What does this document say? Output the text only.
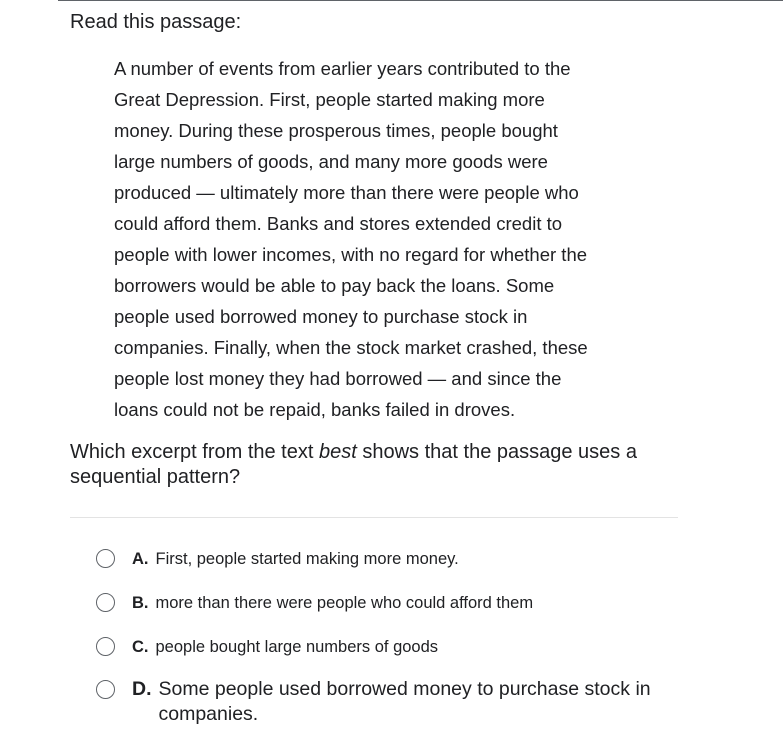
Read this passage:
A number of events from earlier years contributed to the
Great Depression. First, people started making more
money. During these prosperous times, people bought
large numbers of goods, and many more goods were
produced — ultimately more than there were people who
could afford them. Banks and stores extended credit to
people with lower incomes, with no regard for whether the
borrowers would be able to pay back the loans. Some
people used borrowed money to purchase stock in
companies. Finally, when the stock market crashed, these
people lost money they had borrowed — and since the
loans could not be repaid, banks failed in droves.
Which excerpt from the text best shows that the passage uses a sequential pattern?
A. First, people started making more money.
B. more than there were people who could afford them
C. people bought large numbers of goods
D. Some people used borrowed money to purchase stock in companies.
